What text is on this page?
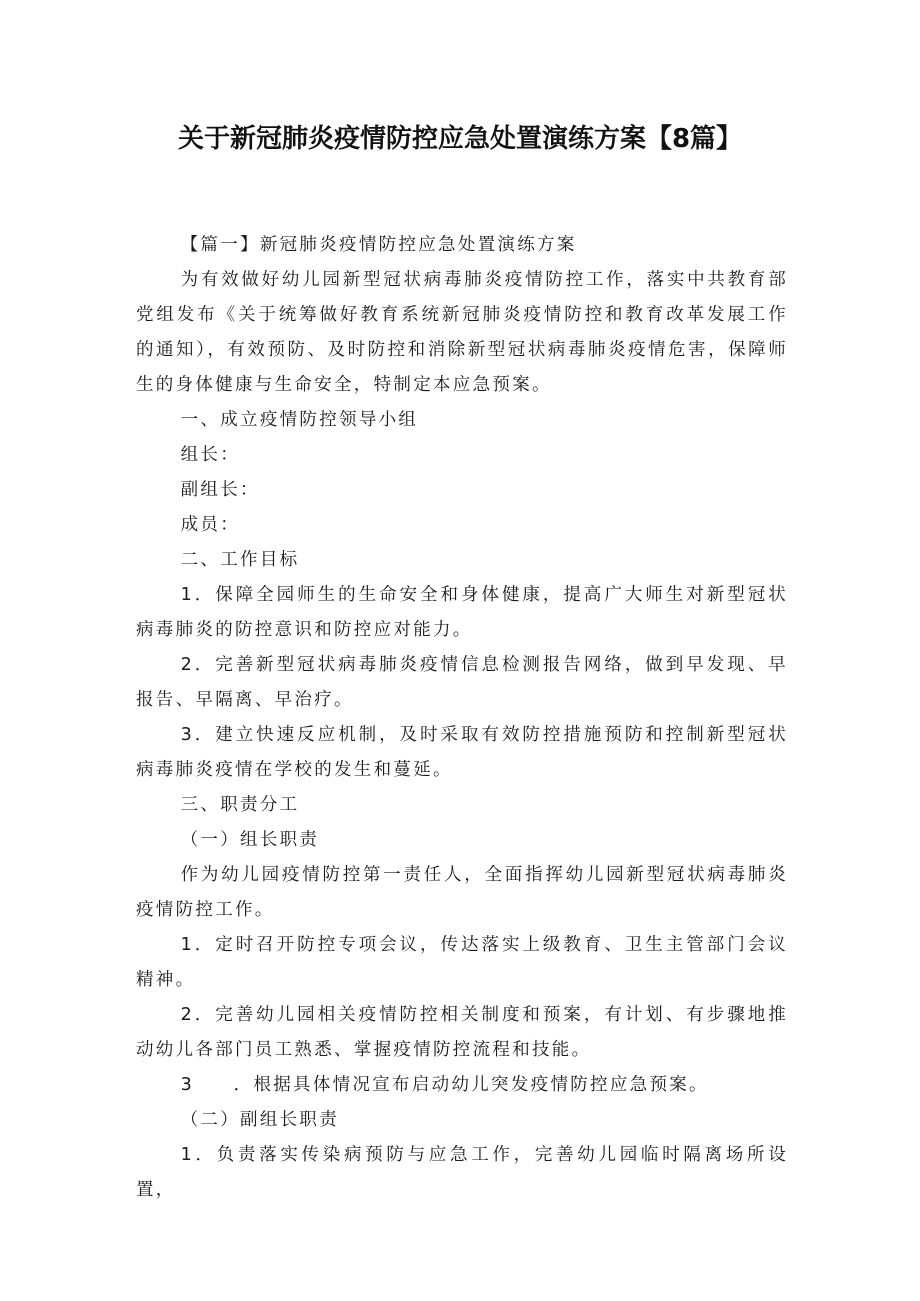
关于新冠肺炎疫情防控应急处置演练方案【8篇】

【篇一】新冠肺炎疫情防控应急处置演练方案

为有效做好幼儿园新型冠状病毒肺炎疫情防控工作，落实中共教育部党组发布《关于统筹做好教育系统新冠肺炎疫情防控和教育改革发展工作的通知），有效预防、及时防控和消除新型冠状病毒肺炎疫情危害，保障师生的身体健康与生命安全，特制定本应急预案。

一、成立疫情防控领导小组

组长：

副组长：

成员：

二、工作目标

1．保障全园师生的生命安全和身体健康，提高广大师生对新型冠状病毒肺炎的防控意识和防控应对能力。

2．完善新型冠状病毒肺炎疫情信息检测报告网络，做到早发现、早报告、早隔离、早治疗。

3．建立快速反应机制，及时采取有效防控措施预防和控制新型冠状病毒肺炎疫情在学校的发生和蔓延。

三、职责分工

（一）组长职责

作为幼儿园疫情防控第一责任人，全面指挥幼儿园新型冠状病毒肺炎疫情防控工作。

1．定时召开防控专项会议，传达落实上级教育、卫生主管部门会议精神。

2．完善幼儿园相关疫情防控相关制度和预案，有计划、有步骤地推动幼儿各部门员工熟悉、掌握疫情防控流程和技能。

3　　．根据具体情况宣布启动幼儿突发疫情防控应急预案。

（二）副组长职责

1．负责落实传染病预防与应急工作，完善幼儿园临时隔离场所设置，
